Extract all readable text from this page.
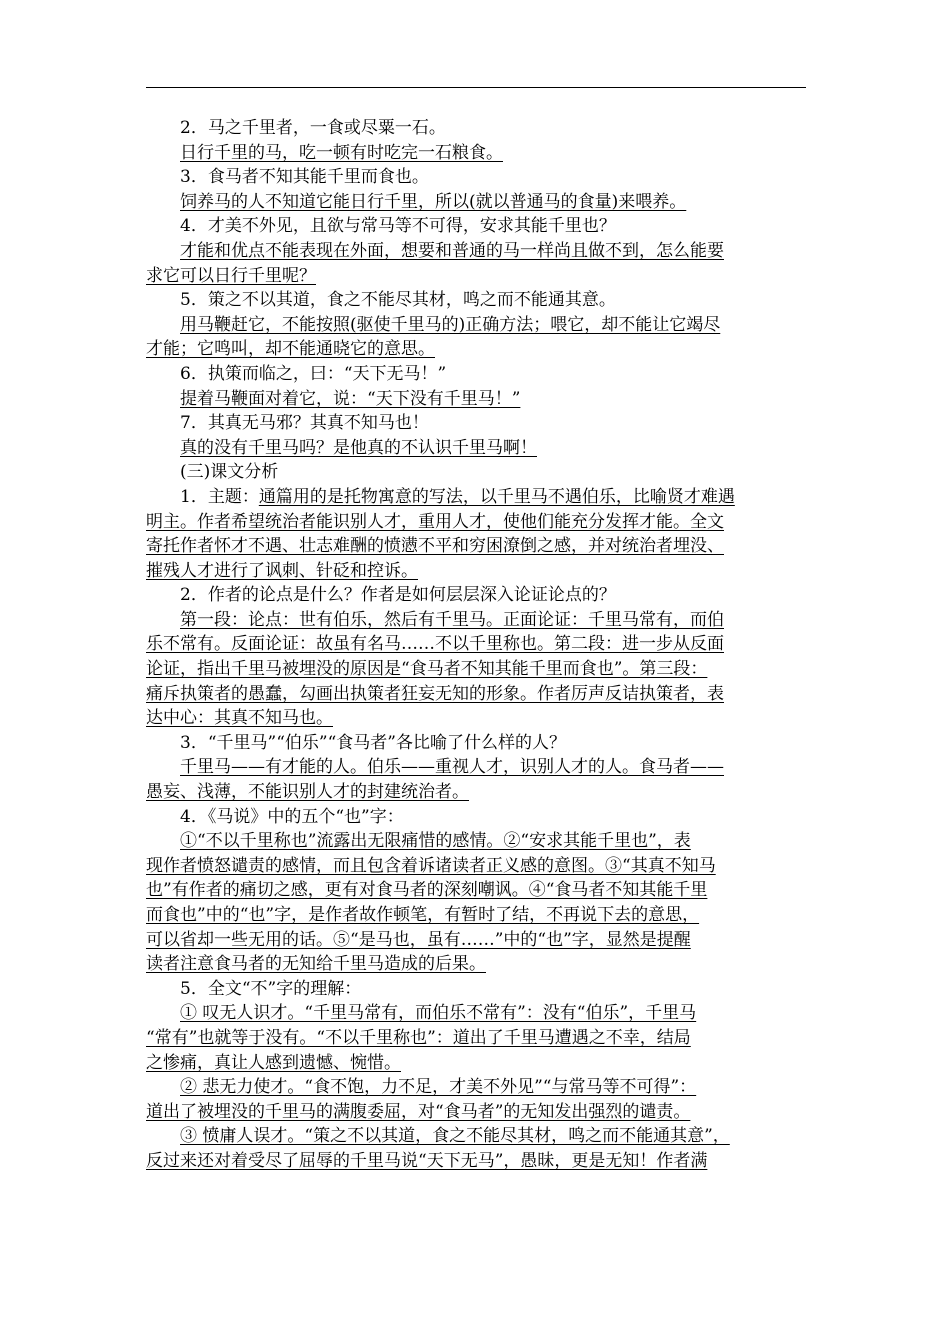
2．马之千里者，一食或尽粟一石。

日行千里的马，吃一顿有时吃完一石粮食。

3．食马者不知其能千里而食也。

饲养马的人不知道它能日行千里，所以(就以普通马的食量)来喂养。

4．才美不外见，且欲与常马等不可得，安求其能千里也？

才能和优点不能表现在外面，想要和普通的马一样尚且做不到，怎么能要
求它可以日行千里呢？

5．策之不以其道，食之不能尽其材，鸣之而不能通其意。

用马鞭赶它，不能按照(驱使千里马的)正确方法；喂它，却不能让它竭尽
才能；它鸣叫，却不能通晓它的意思。

6．执策而临之，曰：“天下无马！”

提着马鞭面对着它，说：“天下没有千里马！”

7．其真无马邪？其真不知马也！

真的没有千里马吗？是他真的不认识千里马啊！

(三)课文分析

1．主题：通篇用的是托物寓意的写法，以千里马不遇伯乐，比喻贤才难遇
明主。作者希望统治者能识别人才，重用人才，使他们能充分发挥才能。全文
寄托作者怀才不遇、壮志难酬的愤懑不平和穷困潦倒之感，并对统治者埋没、
摧残人才进行了讽刺、针砭和控诉。

2．作者的论点是什么？作者是如何层层深入论证论点的？

第一段：论点：世有伯乐，然后有千里马。正面论证：千里马常有，而伯
乐不常有。反面论证：故虽有名马……不以千里称也。第二段：进一步从反面
论证，指出千里马被埋没的原因是“食马者不知其能千里而食也”。第三段：
痛斥执策者的愚蠢，勾画出执策者狂妄无知的形象。作者厉声反诘执策者，表
达中心：其真不知马也。

3．“千里马”“伯乐”“食马者”各比喻了什么样的人？

千里马——有才能的人。伯乐——重视人才，识别人才的人。食马者——
愚妄、浅薄，不能识别人才的封建统治者。

4．《马说》中的五个“也”字：

①“不以千里称也”流露出无限痛惜的感情。②“安求其能千里也”，表
现作者愤怒谴责的感情，而且包含着诉诸读者正义感的意图。③“其真不知马
也”有作者的痛切之感，更有对食马者的深刻嘲讽。④“食马者不知其能千里
而食也”中的“也”字，是作者故作顿笔，有暂时了结，不再说下去的意思，
可以省却一些无用的话。⑤“是马也，虽有……”中的“也”字，显然是提醒
读者注意食马者的无知给千里马造成的后果。

5．全文“不”字的理解：

① 叹无人识才。“千里马常有，而伯乐不常有”：没有“伯乐”，千里马
“常有”也就等于没有。“不以千里称也”：道出了千里马遭遇之不幸，结局
之惨痛，真让人感到遗憾、惋惜。

② 悲无力使才。“食不饱，力不足，才美不外见”“与常马等不可得”：
道出了被埋没的千里马的满腹委屈，对“食马者”的无知发出强烈的谴责。

③ 愤庸人误才。“策之不以其道，食之不能尽其材，鸣之而不能通其意”，
反过来还对着受尽了屈辱的千里马说“天下无马”，愚昧，更是无知！作者满
